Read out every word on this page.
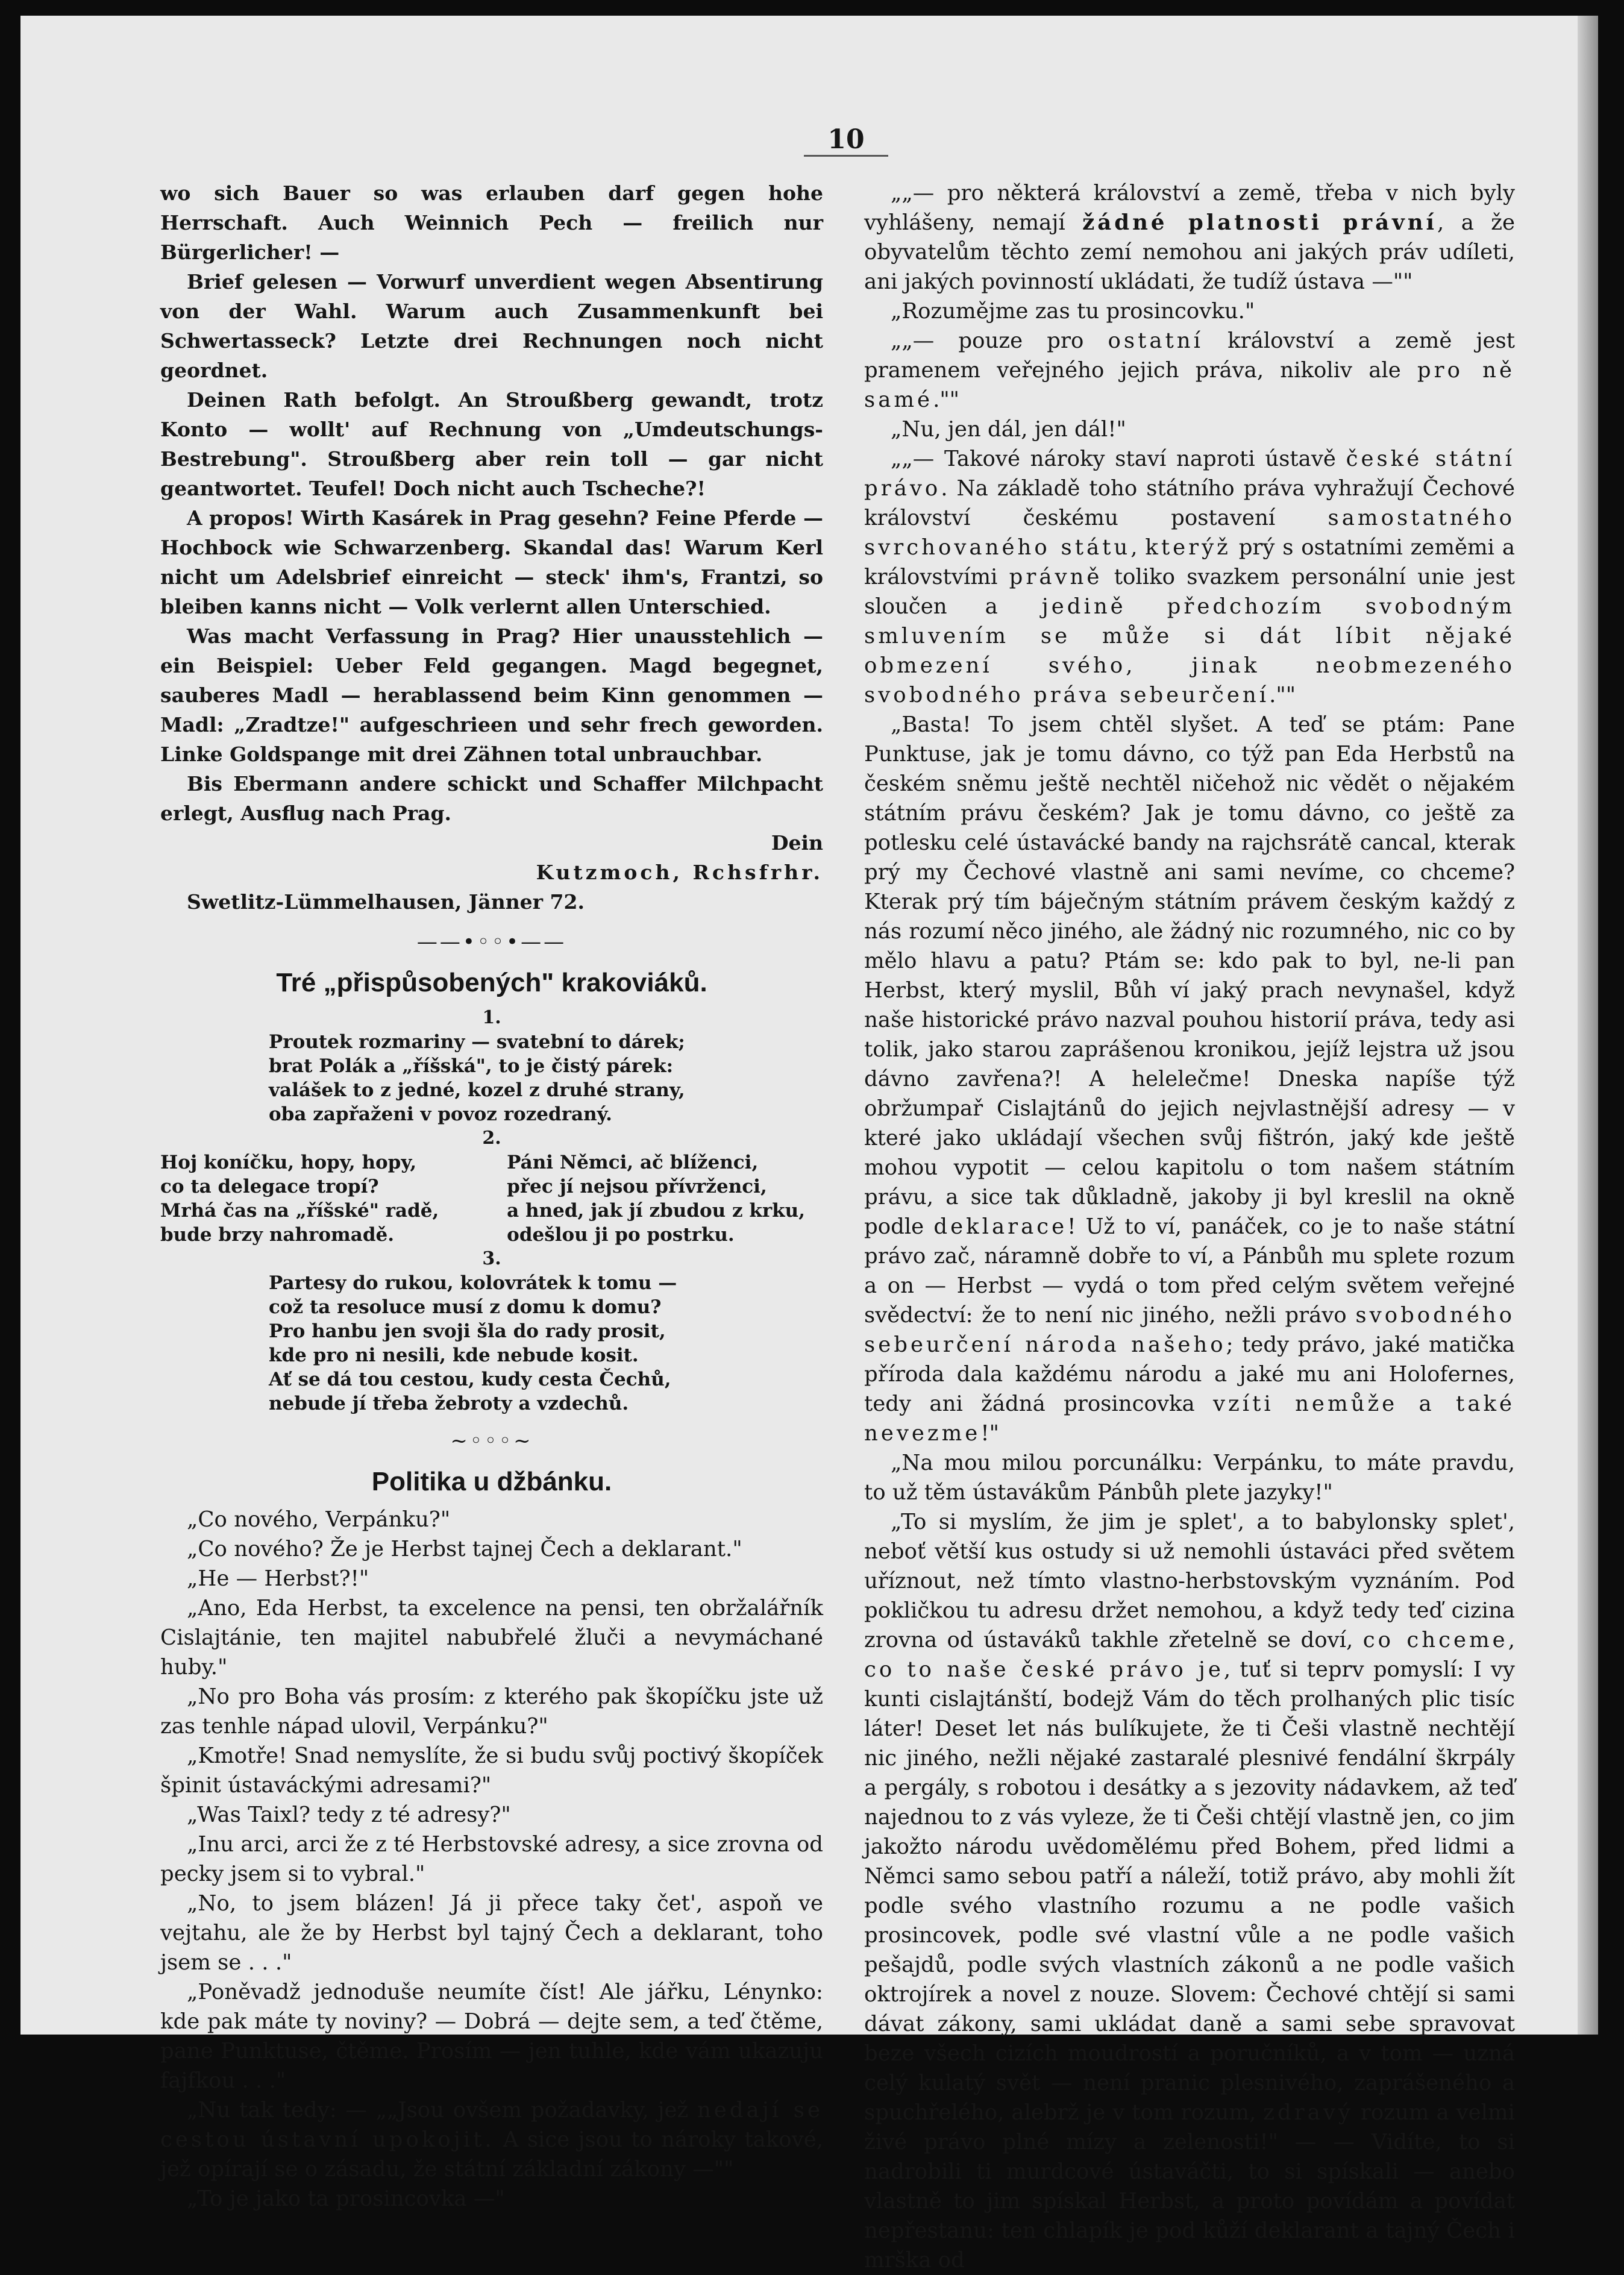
10

wo sich Bauer so was erlauben darf gegen hohe Herrschaft. Auch Weinnich Pech — freilich nur Bürgerlicher! —

Brief gelesen — Vorwurf unverdient wegen Absentirung von der Wahl. Warum auch Zusammenkunft bei Schwertasseck? Letzte drei Rechnungen noch nicht geordnet.

Deinen Rath befolgt. An Stroußberg gewandt, trotz Konto — wollt' auf Rechnung von „Umdeutschungs-Bestrebung". Stroußberg aber rein toll — gar nicht geantwortet. Teufel! Doch nicht auch Tscheche?!

A propos! Wirth Kasárek in Prag gesehn? Feine Pferde — Hochbock wie Schwarzenberg. Skandal das! Warum Kerl nicht um Adelsbrief einreicht — steck' ihm's, Frantzi, so bleiben kanns nicht — Volk verlernt allen Unterschied.

Was macht Verfassung in Prag? Hier unausstehlich — ein Beispiel: Ueber Feld gegangen. Magd begegnet, sauberes Madl — herablassend beim Kinn genommen — Madl: „Zradtze!" aufgeschrieen und sehr frech geworden. Linke Goldspange mit drei Zähnen total unbrauchbar.

Bis Ebermann andere schickt und Schaffer Milchpacht erlegt, Ausflug nach Prag.

Dein
Kutzmoch, Rchsfrhr.
Swetlitz-Lümmelhausen, Jänner 72.
——•◦◦•——
Tré „přispůsobených" krakoviáků.
1.
Proutek rozmariny — svatební to dárek;
brat Polák a „říšská", to je čistý párek:
valášek to z jedné, kozel z druhé strany,
oba zapřaženi v povoz rozedraný.
2.
Hoj koníčku, hopy, hopy,
co ta delegace tropí?
Mrhá čas na „říšské" radě,
bude brzy nahromadě.
Páni Němci, ač blíženci,
přec jí nejsou přívrženci,
a hned, jak jí zbudou z krku,
odešlou ji po postrku.
3.
Partesy do rukou, kolovrátek k tomu —
což ta resoluce musí z domu k domu?
Pro hanbu jen svoji šla do rady prosit,
kde pro ni nesili, kde nebude kosit.
Ať se dá tou cestou, kudy cesta Čechů,
nebude jí třeba žebroty a vzdechů.
~◦◦◦~
Politika u džbánku.

„Co nového, Verpánku?"

„Co nového? Že je Herbst tajnej Čech a deklarant."

„He — Herbst?!"

„Ano, Eda Herbst, ta excelence na pensi, ten obržalářník Cislajtánie, ten majitel nabubřelé žluči a nevymáchané huby."

„No pro Boha vás prosím: z kterého pak škopíčku jste už zas tenhle nápad ulovil, Verpánku?"

„Kmotře! Snad nemyslíte, že si budu svůj poctivý škopíček špinit ústaváckými adresami?"

„Was Taixl? tedy z té adresy?"

„Inu arci, arci že z té Herbstovské adresy, a sice zrovna od pecky jsem si to vybral."

„No, to jsem blázen! Já ji přece taky čet', aspoň ve vejtahu, ale že by Herbst byl tajný Čech a deklarant, toho jsem se . . ."

„Poněvadž jednoduše neumíte číst! Ale jářku, Lénynko: kde pak máte ty noviny? — Dobrá — dejte sem, a teď čtěme, pane Punktuse, čtěme. Prosím — jen tuhle, kde vám ukazuju fajfkou . . ."

„Nu tak tedy: — „„Jsou ovšem požadavky, jež nedají se cestou ústavní upokojit. A sice jsou to nároky takové, jež opírají se o zásadu, že státní základní zákony —""

„To je jako ta prosincovka —"

„„— pro některá království a země, třeba v nich byly vyhlášeny, nemají žádné platnosti právní, a že obyvatelům těchto zemí nemohou ani jakých práv udíleti, ani jakých povinností ukládati, že tudíž ústava —""

„Rozumějme zas tu prosincovku."

„„— pouze pro ostatní království a země jest pramenem veřejného jejich práva, nikoliv ale pro ně samé.""

„Nu, jen dál, jen dál!"

„„— Takové nároky staví naproti ústavě české státní právo. Na základě toho státního práva vyhražují Čechové království českému postavení samostatného svrchovaného státu, kterýž prý s ostatními zeměmi a královstvími právně toliko svazkem personální unie jest sloučen a jedině předchozím svobodným smluvením se může si dát líbit nějaké obmezení svého, jinak neobmezeného svobodného práva sebeurčení.""

„Basta! To jsem chtěl slyšet. A teď se ptám: Pane Punktuse, jak je tomu dávno, co týž pan Eda Herbstů na českém sněmu ještě nechtěl ničehož nic vědět o nějakém státním právu českém? Jak je tomu dávno, co ještě za potlesku celé ústavácké bandy na rajchsrátě cancal, kterak prý my Čechové vlastně ani sami nevíme, co chceme? Kterak prý tím báječným státním právem českým každý z nás rozumí něco jiného, ale žádný nic rozumného, nic co by mělo hlavu a patu? Ptám se: kdo pak to byl, ne-li pan Herbst, který myslil, Bůh ví jaký prach nevynašel, když naše historické právo nazval pouhou historií práva, tedy asi tolik, jako starou zaprášenou kronikou, jejíž lejstra už jsou dávno zavřena?! A helelečme! Dneska napíše týž obržumpař Cislajtánů do jejich nejvlastnější adresy — v které jako ukládají všechen svůj fištrón, jaký kde ještě mohou vypotit — celou kapitolu o tom našem státním právu, a sice tak důkladně, jakoby ji byl kreslil na okně podle deklarace! Už to ví, panáček, co je to naše státní právo zač, náramně dobře to ví, a Pánbůh mu splete rozum a on — Herbst — vydá o tom před celým světem veřejné svědectví: že to není nic jiného, nežli právo svobodného sebeurčení národa našeho; tedy právo, jaké matička příroda dala každému národu a jaké mu ani Holofernes, tedy ani žádná prosincovka vzíti nemůže a také nevezme!"

„Na mou milou porcunálku: Verpánku, to máte pravdu, to už těm ústavákům Pánbůh plete jazyky!"

„To si myslím, že jim je splet', a to babylonsky splet', neboť větší kus ostudy si už nemohli ústaváci před světem uříznout, než tímto vlastno-herbstovským vyznáním. Pod pokličkou tu adresu držet nemohou, a když tedy teď cizina zrovna od ústaváků takhle zřetelně se doví, co chceme, co to naše české právo je, tuť si teprv pomyslí: I vy kunti cislajtánští, bodejž Vám do těch prolhaných plic tisíc láter! Deset let nás bulíkujete, že ti Češi vlastně nechtějí nic jiného, nežli nějaké zastaralé plesnivé fendální škrpály a pergály, s robotou i desátky a s jezovity nádavkem, až teď najednou to z vás vyleze, že ti Češi chtějí vlastně jen, co jim jakožto národu uvědomělému před Bohem, před lidmi a Němci samo sebou patří a náleží, totiž právo, aby mohli žít podle svého vlastního rozumu a ne podle vašich prosincovek, podle své vlastní vůle a ne podle vašich pešajdů, podle svých vlastních zákonů a ne podle vašich oktrojírek a novel z nouze. Slovem: Čechové chtějí si sami dávat zákony, sami ukládat daně a sami sebe spravovat beze všech cizích moudrostí a poručníků, a v tom — uzná celý kulatý svět — není pranic plesnivého, zaprášeného a spuchřelého, alebrž je v tom rozum, zdravý rozum a velmi živé právo plné mízy a zelenosti!" — — Vidíte, to si nadrobili ti murdcové ústaváčti, to si spískali — anebo vlastně to jim spískal Herbst, a proto povídám a povídat nepřestanu: ten chlapík je pod kůží deklarant a tajný Čech i mrška od
